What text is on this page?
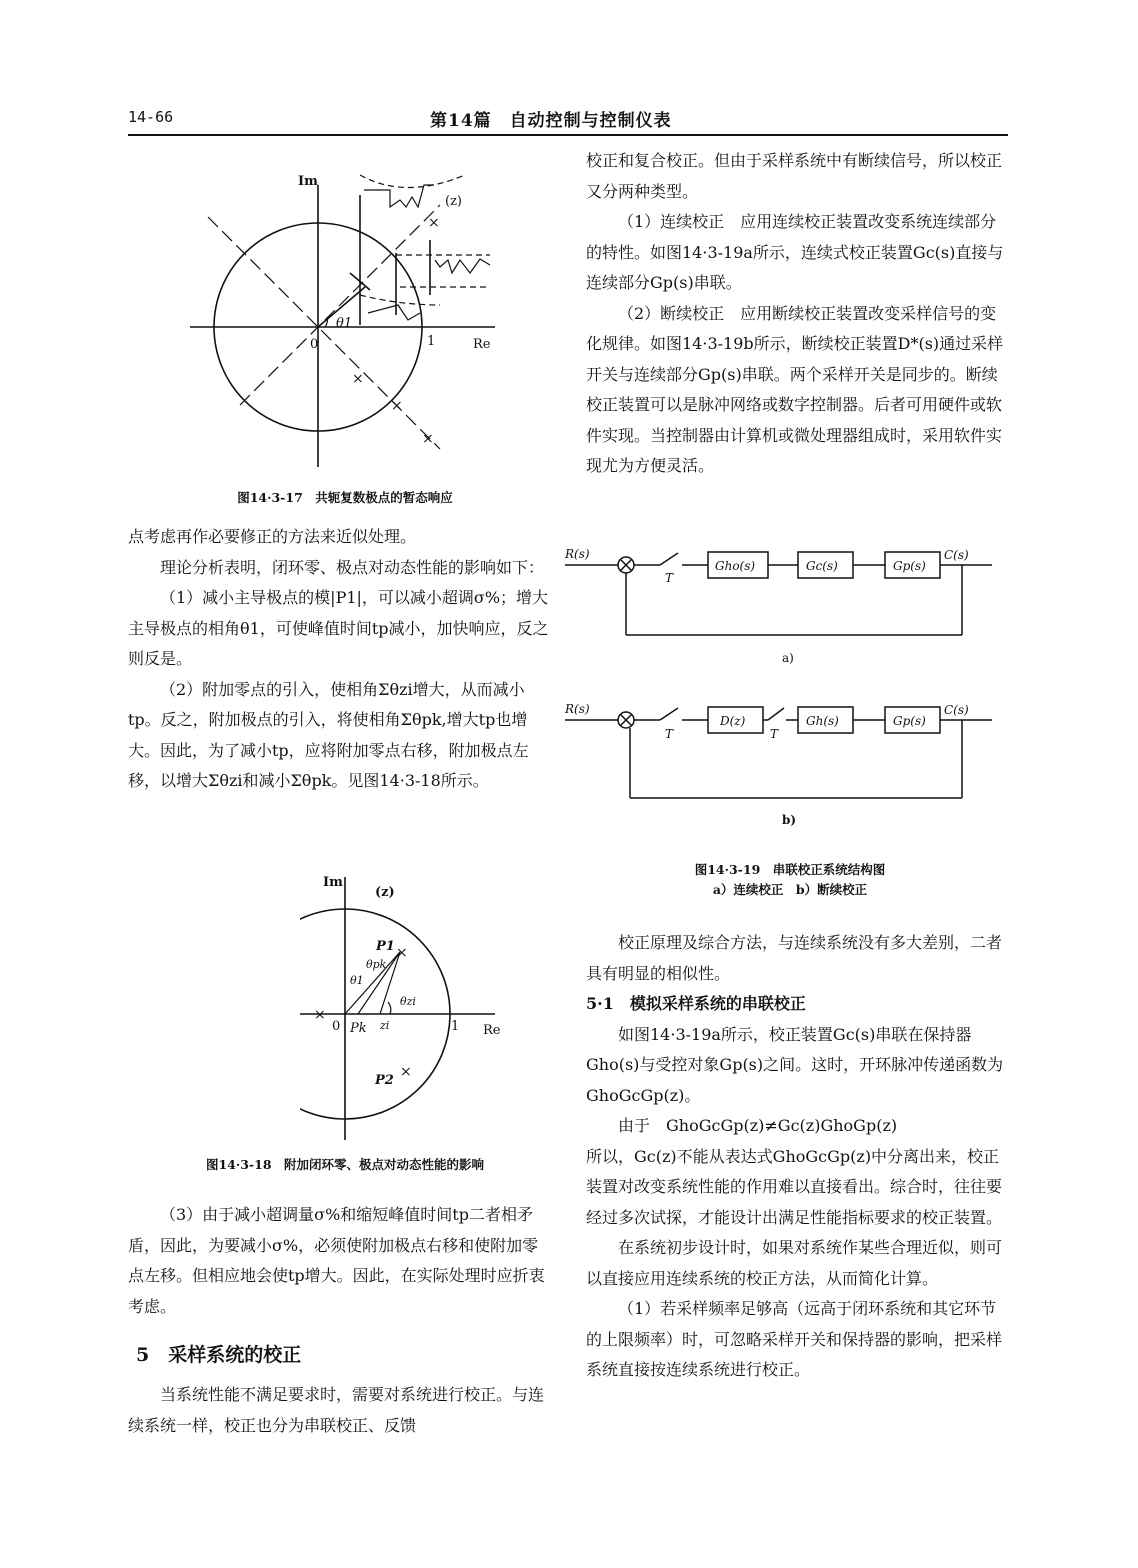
14-66	第14篇　自动控制与控制仪表
Im
Re
0	1
(z)
θ1
×
×
×
×
图14·3-17　共轭复数极点的暂态响应

点考虑再作必要修正的方法来近似处理。

理论分析表明，闭环零、极点对动态性能的影响如下：

（1）减小主导极点的模|P1|，可以减小超调σ%；增大主导极点的相角θ1，可使峰值时间tp减小，加快响应，反之则反是。

（2）附加零点的引入，使相角Σθzi增大，从而减小tp。反之，附加极点的引入，将使相角Σθpk,增大tp也增大。因此，为了减小tp，应将附加零点右移，附加极点左移，以增大Σθzi和减小Σθpk。见图14·3-18所示。

Im
(z)
Re
0	1
P1
P2
Pk zi
θ1
θpk
θzi
×
×
×
图14·3-18　附加闭环零、极点对动态性能的影响

（3）由于减小超调量σ%和缩短峰值时间tp二者相矛盾，因此，为要减小σ%，必须使附加极点右移和使附加零点左移。但相应地会使tp增大。因此，在实际处理时应折衷考虑。

5　采样系统的校正

当系统性能不满足要求时，需要对系统进行校正。与连续系统一样，校正也分为串联校正、反馈

校正和复合校正。但由于采样系统中有断续信号，所以校正又分两种类型。

（1）连续校正　应用连续校正装置改变系统连续部分的特性。如图14·3-19a所示，连续式校正装置Gc(s)直接与连续部分Gp(s)串联。

（2）断续校正　应用断续校正装置改变采样信号的变化规律。如图14·3-19b所示，断续校正装置D*(s)通过采样开关与连续部分Gp(s)串联。两个采样开关是同步的。断续校正装置可以是脉冲网络或数字控制器。后者可用硬件或软件实现。当控制器由计算机或微处理器组成时，采用软件实现尤为方便灵活。

R(s)
T
Gho(s)	Gc(s)	Gp(s)
C(s)
a)
R(s)
T	T
D(z)	Gh(s)	Gp(s)
C(s)
b)
图14·3-19　串联校正系统结构图
a）连续校正　b）断续校正

校正原理及综合方法，与连续系统没有多大差别，二者具有明显的相似性。

5·1　模拟采样系统的串联校正

如图14·3-19a所示，校正装置Gc(s)串联在保持器Gho(s)与受控对象Gp(s)之间。这时，开环脉冲传递函数为GhoGcGp(z)。

由于　GhoGcGp(z)≠Gc(z)GhoGp(z)

所以，Gc(z)不能从表达式GhoGcGp(z)中分离出来，校正装置对改变系统性能的作用难以直接看出。综合时，往往要经过多次试探，才能设计出满足性能指标要求的校正装置。

在系统初步设计时，如果对系统作某些合理近似，则可以直接应用连续系统的校正方法，从而简化计算。

（1）若采样频率足够高（远高于闭环系统和其它环节的上限频率）时，可忽略采样开关和保持器的影响，把采样系统直接按连续系统进行校正。
